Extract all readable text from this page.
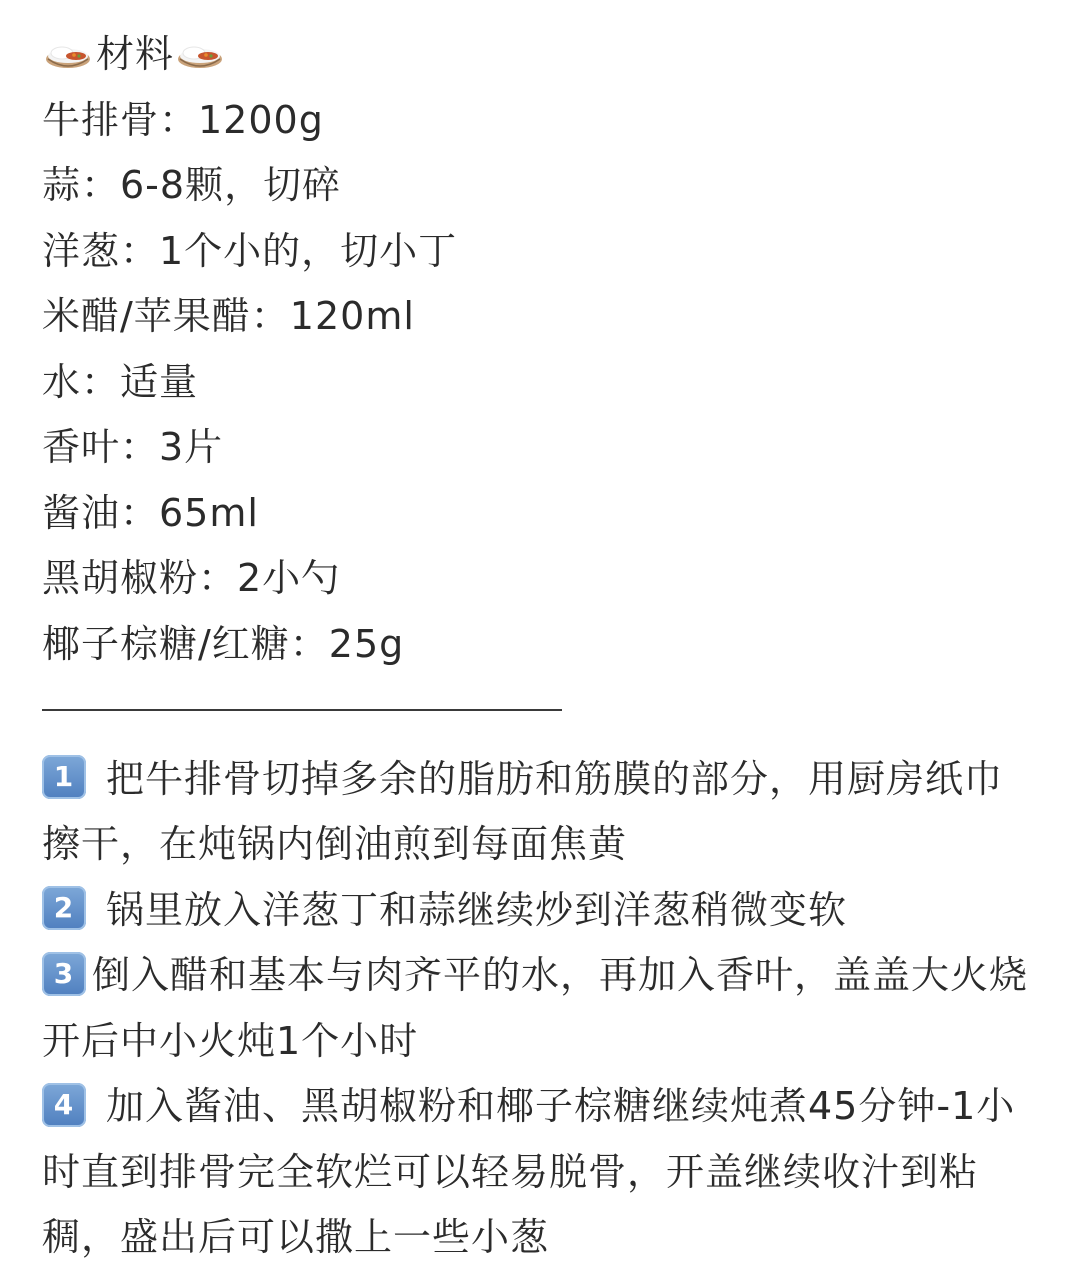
材料
牛排骨：1200g
蒜：6-8颗，切碎
洋葱：1个小的，切小丁
米醋/苹果醋：120ml
水：适量
香叶：3片
酱油：65ml
黑胡椒粉：2小勺
椰子棕糖/红糖：25g
1 把牛排骨切掉多余的脂肪和筋膜的部分，用厨房纸巾擦干，在炖锅内倒油煎到每面焦黄
2 锅里放入洋葱丁和蒜继续炒到洋葱稍微变软
3 倒入醋和基本与肉齐平的水，再加入香叶，盖盖大火烧开后中小火炖1个小时
4 加入酱油、黑胡椒粉和椰子棕糖继续炖煮45分钟-1小时直到排骨完全软烂可以轻易脱骨，开盖继续收汁到粘稠，盛出后可以撒上一些小葱
